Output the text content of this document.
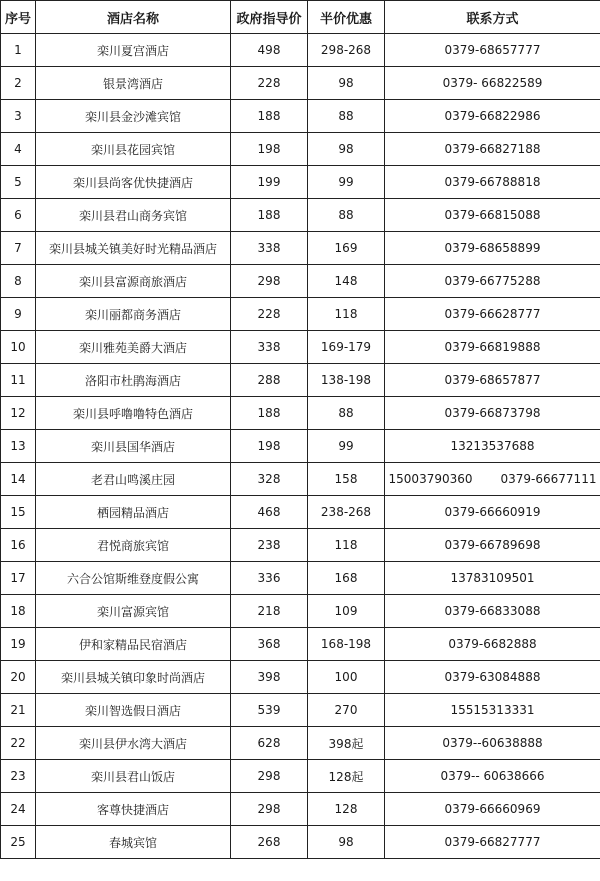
序号	酒店名称	政府指导价	半价优惠	联系方式
1	栾川夏宫酒店	498	298-268	0379-68657777
2	银景湾酒店	228	98	0379- 66822589
3	栾川县金沙滩宾馆	188	88	0379-66822986
4	栾川县花园宾馆	198	98	0379-66827188
5	栾川县尚客优快捷酒店	199	99	0379-66788818
6	栾川县君山商务宾馆	188	88	0379-66815088
7	栾川县城关镇美好时光精品酒店	338	169	0379-68658899
8	栾川县富源商旅酒店	298	148	0379-66775288
9	栾川丽都商务酒店	228	118	0379-66628777
10	栾川雅苑美爵大酒店	338	169-179	0379-66819888
11	洛阳市杜鹃海酒店	288	138-198	0379-68657877
12	栾川县呼噜噜特色酒店	188	88	0379-66873798
13	栾川县国华酒店	198	99	13213537688
14	老君山鸣溪庄园	328	158	15003790360 0379-66677111
15	栖园精品酒店	468	238-268	0379-66660919
16	君悦商旅宾馆	238	118	0379-66789698
17	六合公馆斯维登度假公寓	336	168	13783109501
18	栾川富源宾馆	218	109	0379-66833088
19	伊和家精品民宿酒店	368	168-198	0379-6682888
20	栾川县城关镇印象时尚酒店	398	100	0379-63084888
21	栾川智选假日酒店	539	270	15515313331
22	栾川县伊水湾大酒店	628	398起	0379--60638888
23	栾川县君山饭店	298	128起	0379-- 60638666
24	客尊快捷酒店	298	128	0379-66660969
25	春城宾馆	268	98	0379-66827777
